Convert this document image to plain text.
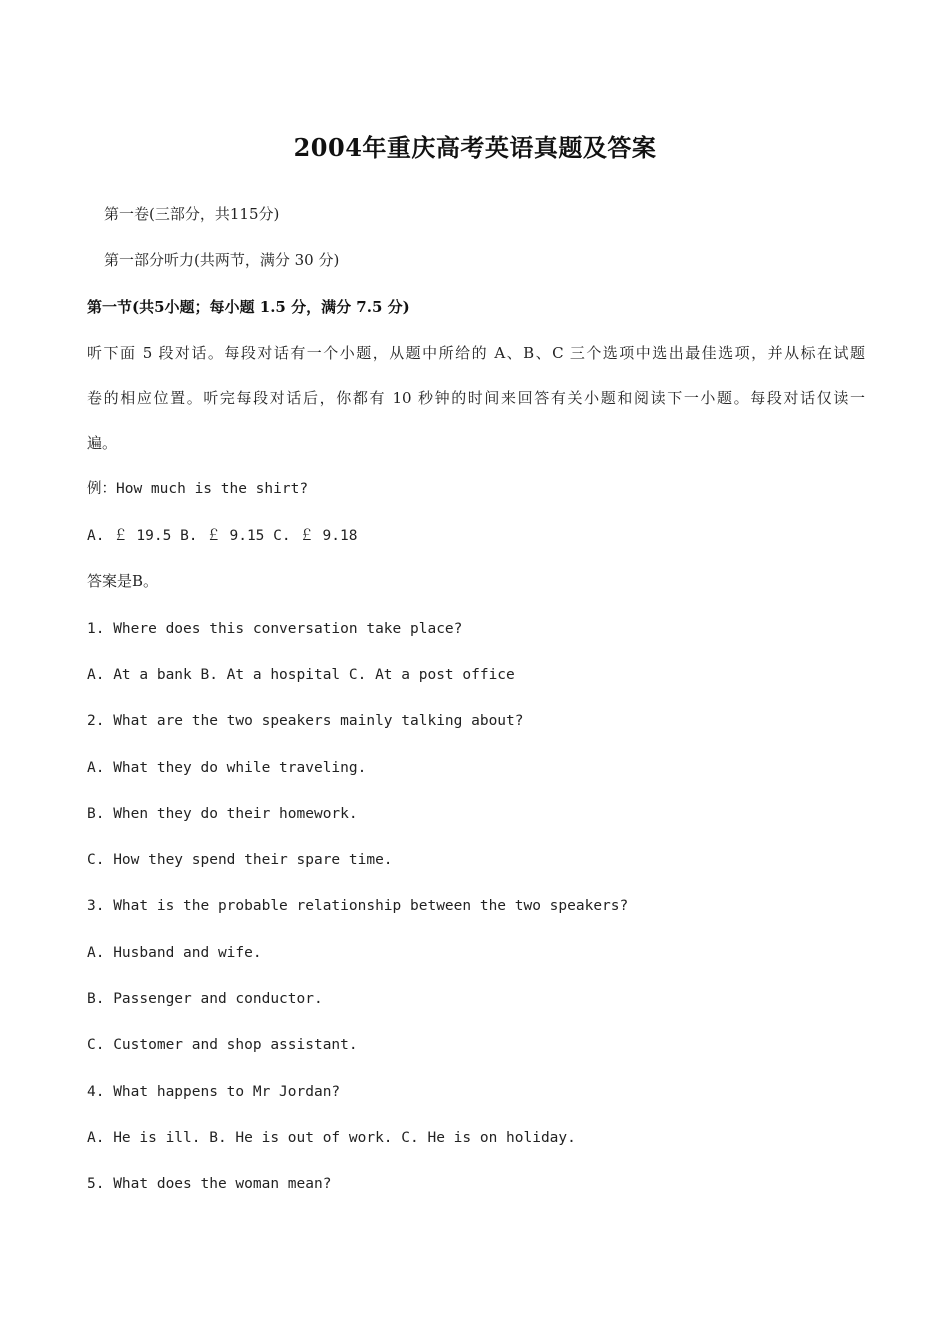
2004年重庆高考英语真题及答案
第一卷(三部分，共115分)
第一部分听力(共两节，满分 30 分)
第一节(共5小题；每小题 1.5 分，满分 7.5 分)
听下面 5 段对话。每段对话有一个小题，从题中所给的 A、B、C 三个选项中选出最佳选项，并从标在试题
卷的相应位置。听完每段对话后，你都有 10 秒钟的时间来回答有关小题和阅读下一小题。每段对话仅读一
遍。
例：How much is the shirt?
A. ￡ 19.5 B. ￡ 9.15 C. ￡ 9.18
答案是B。
1. Where does this conversation take place?
A. At a bank B. At a hospital C. At a post office
2. What are the two speakers mainly talking about?
A. What they do while traveling.
B. When they do their homework.
C. How they spend their spare time.
3. What is the probable relationship between the two speakers?
A. Husband and wife.
B. Passenger and conductor.
C. Customer and shop assistant.
4. What happens to Mr Jordan?
A. He is ill. B. He is out of work. C. He is on holiday.
5. What does the woman mean?
